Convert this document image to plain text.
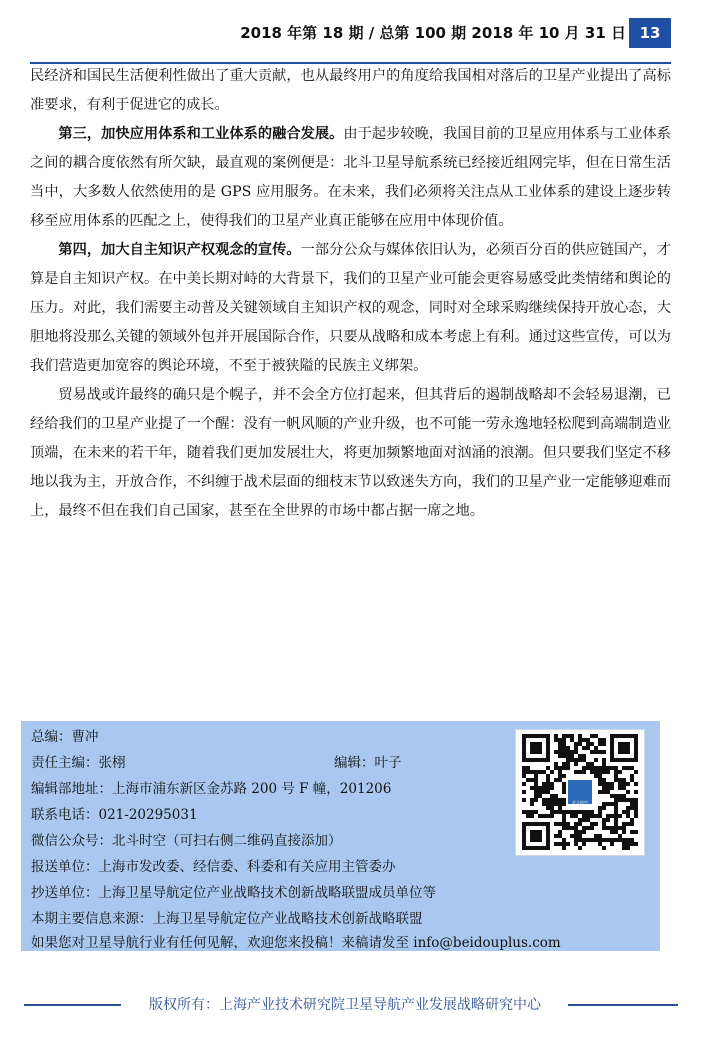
2018 年第 18 期 / 总第 100 期 2018 年 10 月 31 日 13

民经济和国民生活便利性做出了重大贡献，也从最终用户的角度给我国相对落后的卫星产业提出了高标准要求，有利于促进它的成长。

第三，加快应用体系和工业体系的融合发展。由于起步较晚，我国目前的卫星应用体系与工业体系之间的耦合度依然有所欠缺，最直观的案例便是：北斗卫星导航系统已经接近组网完毕，但在日常生活当中，大多数人依然使用的是 GPS 应用服务。在未来，我们必须将关注点从工业体系的建设上逐步转移至应用体系的匹配之上，使得我们的卫星产业真正能够在应用中体现价值。

第四，加大自主知识产权观念的宣传。一部分公众与媒体依旧认为，必须百分百的供应链国产，才算是自主知识产权。在中美长期对峙的大背景下，我们的卫星产业可能会更容易感受此类情绪和舆论的压力。对此，我们需要主动普及关键领域自主知识产权的观念，同时对全球采购继续保持开放心态，大胆地将没那么关键的领域外包并开展国际合作，只要从战略和成本考虑上有利。通过这些宣传，可以为我们营造更加宽容的舆论环境，不至于被狭隘的民族主义绑架。

贸易战或许最终的确只是个幌子，并不会全方位打起来，但其背后的遏制战略却不会轻易退潮，已经给我们的卫星产业提了一个醒：没有一帆风顺的产业升级，也不可能一劳永逸地轻松爬到高端制造业顶端，在未来的若干年，随着我们更加发展壮大，将更加频繁地面对汹涌的浪潮。但只要我们坚定不移地以我为主，开放合作，不纠缠于战术层面的细枝末节以致迷失方向，我们的卫星产业一定能够迎难而上，最终不但在我们自己国家，甚至在全世界的市场中都占据一席之地。

总编：曹冲
责任主编：张栩	编辑：叶子
编辑部地址：上海市浦东新区金苏路 200 号 F 幢，201206
联系电话：021-20295031
微信公众号：北斗时空（可扫右侧二维码直接添加）
报送单位：上海市发改委、经信委、科委和有关应用主管委办
抄送单位：上海卫星导航定位产业战略技术创新战略联盟成员单位等
本期主要信息来源：上海卫星导航定位产业战略技术创新战略联盟
如果您对卫星导航行业有任何见解，欢迎您来投稿！来稿请发至 info@beidouplus.com
北斗时空
版权所有：上海产业技术研究院卫星导航产业发展战略研究中心
